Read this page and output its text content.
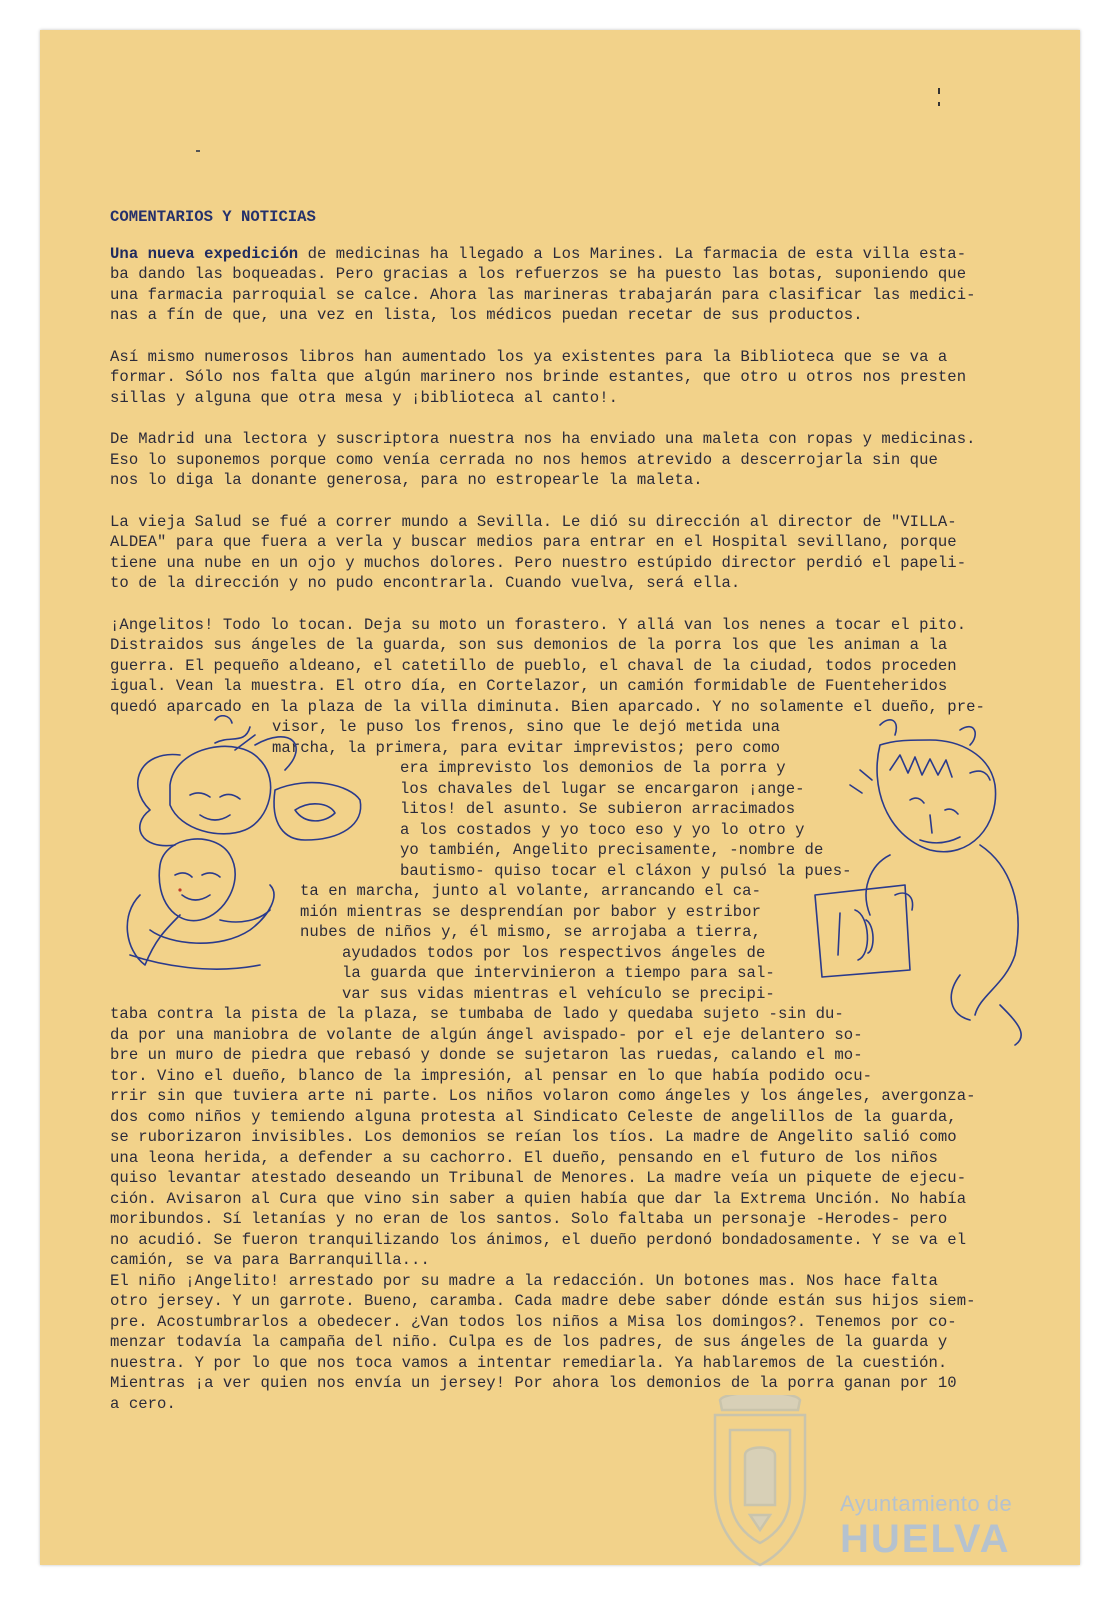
COMENTARIOS Y NOTICIAS
Una nueva expedición de medicinas ha llegado a Los Marines. La farmacia de esta villa esta-
ba dando las boqueadas. Pero gracias a los refuerzos se ha puesto las botas, suponiendo que
una farmacia parroquial se calce. Ahora las marineras trabajarán para clasificar las medici-
nas a fín de que, una vez en lista, los médicos puedan recetar de sus productos.
Así mismo numerosos libros han aumentado los ya existentes para la Biblioteca que se va a
formar. Sólo nos falta que algún marinero nos brinde estantes, que otro u otros nos presten
sillas y alguna que otra mesa y ¡biblioteca al canto!.
De Madrid una lectora y suscriptora nuestra nos ha enviado una maleta con ropas y medicinas.
Eso lo suponemos porque como venía cerrada no nos hemos atrevido a descerrojarla sin que
nos lo diga la donante generosa, para no estropearle la maleta.
La vieja Salud se fué a correr mundo a Sevilla. Le dió su dirección al director de "VILLA-
ALDEA" para que fuera a verla y buscar medios para entrar en el Hospital sevillano, porque
tiene una nube en un ojo y muchos dolores. Pero nuestro estúpido director perdió el papeli-
to de la dirección y no pudo encontrarla. Cuando vuelva, será ella.
¡Angelitos! Todo lo tocan. Deja su moto un forastero. Y allá van los nenes a tocar el pito.
Distraidos sus ángeles de la guarda, son sus demonios de la porra los que les animan a la
guerra. El pequeño aldeano, el catetillo de pueblo, el chaval de la ciudad, todos proceden
igual. Vean la muestra. El otro día, en Cortelazor, un camión formidable de Fuenteheridos
quedó aparcado en la plaza de la villa diminuta. Bien aparcado. Y no solamente el dueño, pre-
visor, le puso los frenos, sino que le dejó metida una
marcha, la primera, para evitar imprevistos; pero como
era imprevisto los demonios de la porra y
los chavales del lugar se encargaron ¡ange-
litos! del asunto. Se subieron arracimados
a los costados y yo toco eso y yo lo otro y
yo también, Angelito precisamente, -nombre de
bautismo- quiso tocar el cláxon y pulsó la pues-
ta en marcha, junto al volante, arrancando el ca-
mión mientras se desprendían por babor y estribor
nubes de niños y, él mismo, se arrojaba a tierra,
ayudados todos por los respectivos ángeles de
la guarda que intervinieron a tiempo para sal-
var sus vidas mientras el vehículo se precipi-
taba contra la pista de la plaza, se tumbaba de lado y quedaba sujeto -sin du-
da por una maniobra de volante de algún ángel avispado- por el eje delantero so-
bre un muro de piedra que rebasó y donde se sujetaron las ruedas, calando el mo-
tor. Vino el dueño, blanco de la impresión, al pensar en lo que había podido ocu-
rrir sin que tuviera arte ni parte. Los niños volaron como ángeles y los ángeles, avergonza-
dos como niños y temiendo alguna protesta al Sindicato Celeste de angelillos de la guarda,
se ruborizaron invisibles. Los demonios se reían los tíos. La madre de Angelito salió como
una leona herida, a defender a su cachorro. El dueño, pensando en el futuro de los niños
quiso levantar atestado deseando un Tribunal de Menores. La madre veía un piquete de ejecu-
ción. Avisaron al Cura que vino sin saber a quien había que dar la Extrema Unción. No había
moribundos. Sí letanías y no eran de los santos. Solo faltaba un personaje -Herodes- pero
no acudió. Se fueron tranquilizando los ánimos, el dueño perdonó bondadosamente. Y se va el
camión, se va para Barranquilla...
El niño ¡Angelito! arrestado por su madre a la redacción. Un botones mas. Nos hace falta
otro jersey. Y un garrote. Bueno, caramba. Cada madre debe saber dónde están sus hijos siem-
pre. Acostumbrarlos a obedecer. ¿Van todos los niños a Misa los domingos?. Tenemos por co-
menzar todavía la campaña del niño. Culpa es de los padres, de sus ángeles de la guarda y
nuestra. Y por lo que nos toca vamos a intentar remediarla. Ya hablaremos de la cuestión.
Mientras ¡a ver quien nos envía un jersey! Por ahora los demonios de la porra ganan por 10
a cero.
Ayuntamiento de
HUELVA
